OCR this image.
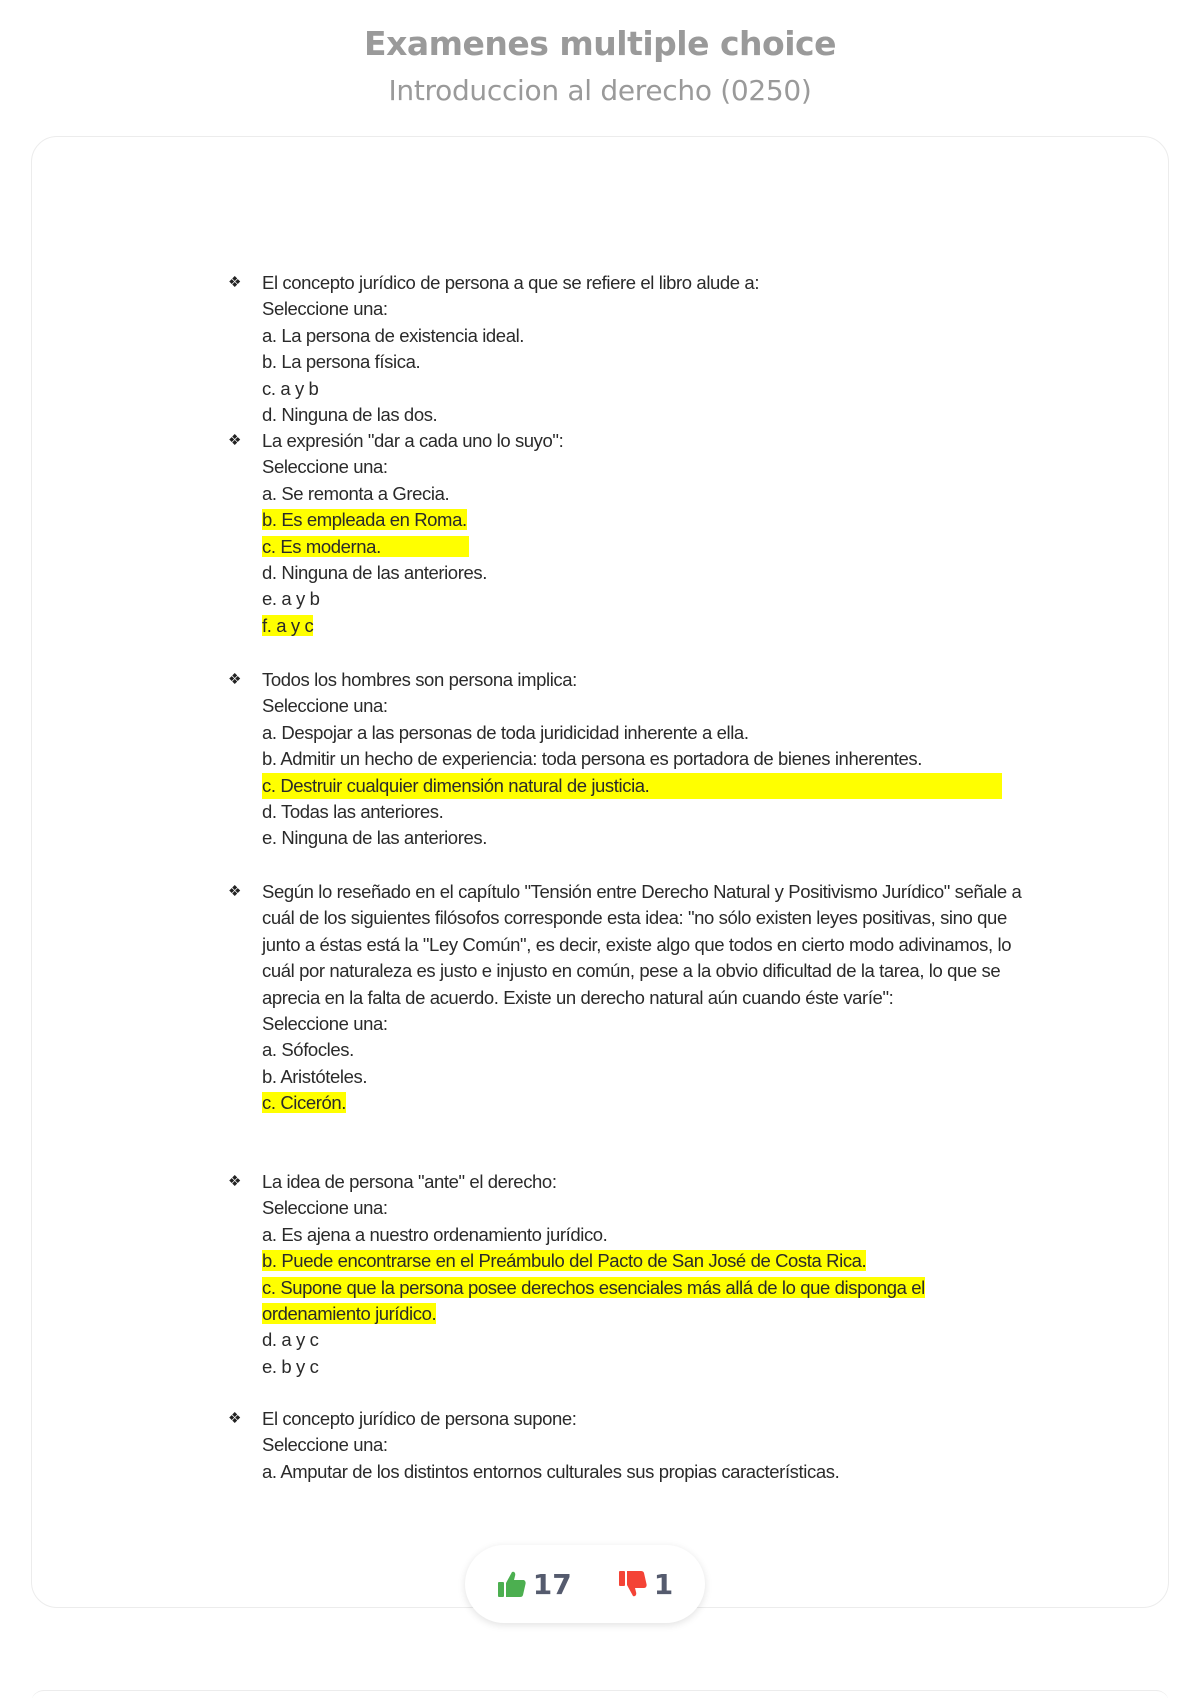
Examenes multiple choice
Introduccion al derecho (0250)
❖	El concepto jurídico de persona a que se refiere el libro alude a:
Seleccione una:
a. La persona de existencia ideal.
b. La persona física.
c. a y b
d. Ninguna de las dos.
❖	La expresión "dar a cada uno lo suyo":
Seleccione una:
a. Se remonta a Grecia.
b. Es empleada en Roma.
c. Es moderna.
d. Ninguna de las anteriores.
e. a y b
f. a y c
❖	Todos los hombres son persona implica:
Seleccione una:
a. Despojar a las personas de toda juridicidad inherente a ella.
b. Admitir un hecho de experiencia: toda persona es portadora de bienes inherentes.
c. Destruir cualquier dimensión natural de justicia.
d. Todas las anteriores.
e. Ninguna de las anteriores.
❖	Según lo reseñado en el capítulo "Tensión entre Derecho Natural y Positivismo Jurídico" señale a cuál de los siguientes filósofos corresponde esta idea: "no sólo existen leyes positivas, sino que junto a éstas está la "Ley Común", es decir, existe algo que todos en cierto modo adivinamos, lo cuál por naturaleza es justo e injusto en común, pese a la obvio dificultad de la tarea, lo que se aprecia en la falta de acuerdo. Existe un derecho natural aún cuando éste varíe":
Seleccione una:
a. Sófocles.
b. Aristóteles.
c. Cicerón.
❖	La idea de persona "ante" el derecho:
Seleccione una:
a. Es ajena a nuestro ordenamiento jurídico.
b. Puede encontrarse en el Preámbulo del Pacto de San José de Costa Rica.
c. Supone que la persona posee derechos esenciales más allá de lo que disponga el ordenamiento jurídico.
d. a y c
e. b y c
❖	El concepto jurídico de persona supone:
Seleccione una:
a. Amputar de los distintos entornos culturales sus propias características.
17	1
